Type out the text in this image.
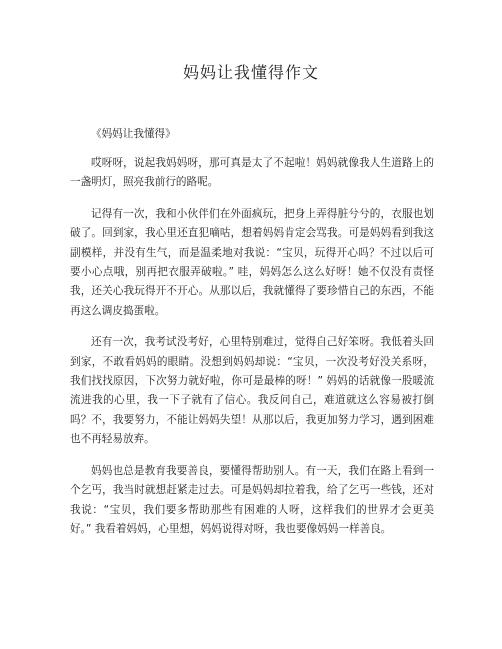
妈妈让我懂得作文

《妈妈让我懂得》

哎呀呀，说起我妈妈呀，那可真是太了不起啦！妈妈就像我人生道路上的一盏明灯，照亮我前行的路呢。

记得有一次，我和小伙伴们在外面疯玩，把身上弄得脏兮兮的，衣服也划破了。回到家，我心里还直犯嘀咕，想着妈妈肯定会骂我。可是妈妈看到我这副模样，并没有生气，而是温柔地对我说：“宝贝，玩得开心吗？不过以后可要小心点哦，别再把衣服弄破啦。” 哇，妈妈怎么这么好呀！她不仅没有责怪我，还关心我玩得开不开心。从那以后，我就懂得了要珍惜自己的东西，不能再这么调皮捣蛋啦。

还有一次，我考试没考好，心里特别难过，觉得自己好笨呀。我低着头回到家，不敢看妈妈的眼睛。没想到妈妈却说：“宝贝，一次没考好没关系呀，我们找找原因，下次努力就好啦，你可是最棒的呀！” 妈妈的话就像一股暖流流进我的心里，我一下子就有了信心。我反问自己，难道就这么容易被打倒吗？不，我要努力，不能让妈妈失望！从那以后，我更加努力学习，遇到困难也不再轻易放弃。

妈妈也总是教育我要善良，要懂得帮助别人。有一天，我们在路上看到一个乞丐，我当时就想赶紧走过去。可是妈妈却拉着我，给了乞丐一些钱，还对我说：“宝贝，我们要多帮助那些有困难的人呀，这样我们的世界才会更美好。” 我看着妈妈，心里想，妈妈说得对呀，我也要像妈妈一样善良。
